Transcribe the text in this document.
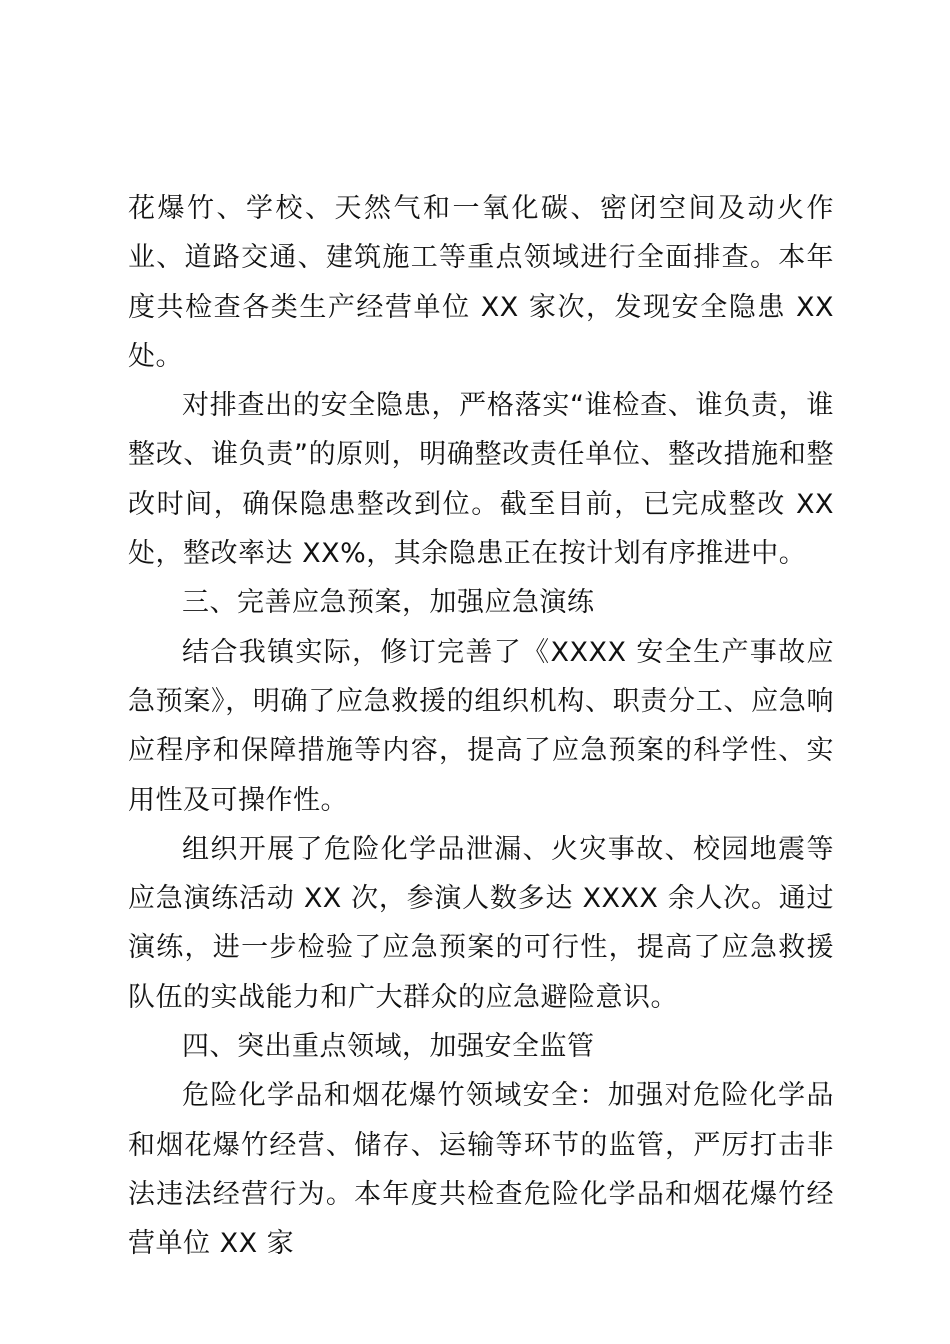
花爆竹、学校、天然气和一氧化碳、密闭空间及动火作业、道路交通、建筑施工等重点领域进行全面排查。本年度共检查各类生产经营单位 XX 家次，发现安全隐患 XX 处。

对排查出的安全隐患，严格落实“谁检查、谁负责，谁整改、谁负责”的原则，明确整改责任单位、整改措施和整改时间，确保隐患整改到位。截至目前，已完成整改 XX 处，整改率达 XX%，其余隐患正在按计划有序推进中。

三、完善应急预案，加强应急演练

结合我镇实际，修订完善了《XXXX 安全生产事故应急预案》，明确了应急救援的组织机构、职责分工、应急响应程序和保障措施等内容，提高了应急预案的科学性、实用性及可操作性。

组织开展了危险化学品泄漏、火灾事故、校园地震等应急演练活动 XX 次，参演人数多达 XXXX 余人次。通过演练，进一步检验了应急预案的可行性，提高了应急救援队伍的实战能力和广大群众的应急避险意识。

四、突出重点领域，加强安全监管

危险化学品和烟花爆竹领域安全：加强对危险化学品和烟花爆竹经营、储存、运输等环节的监管，严厉打击非法违法经营行为。本年度共检查危险化学品和烟花爆竹经营单位 XX 家
